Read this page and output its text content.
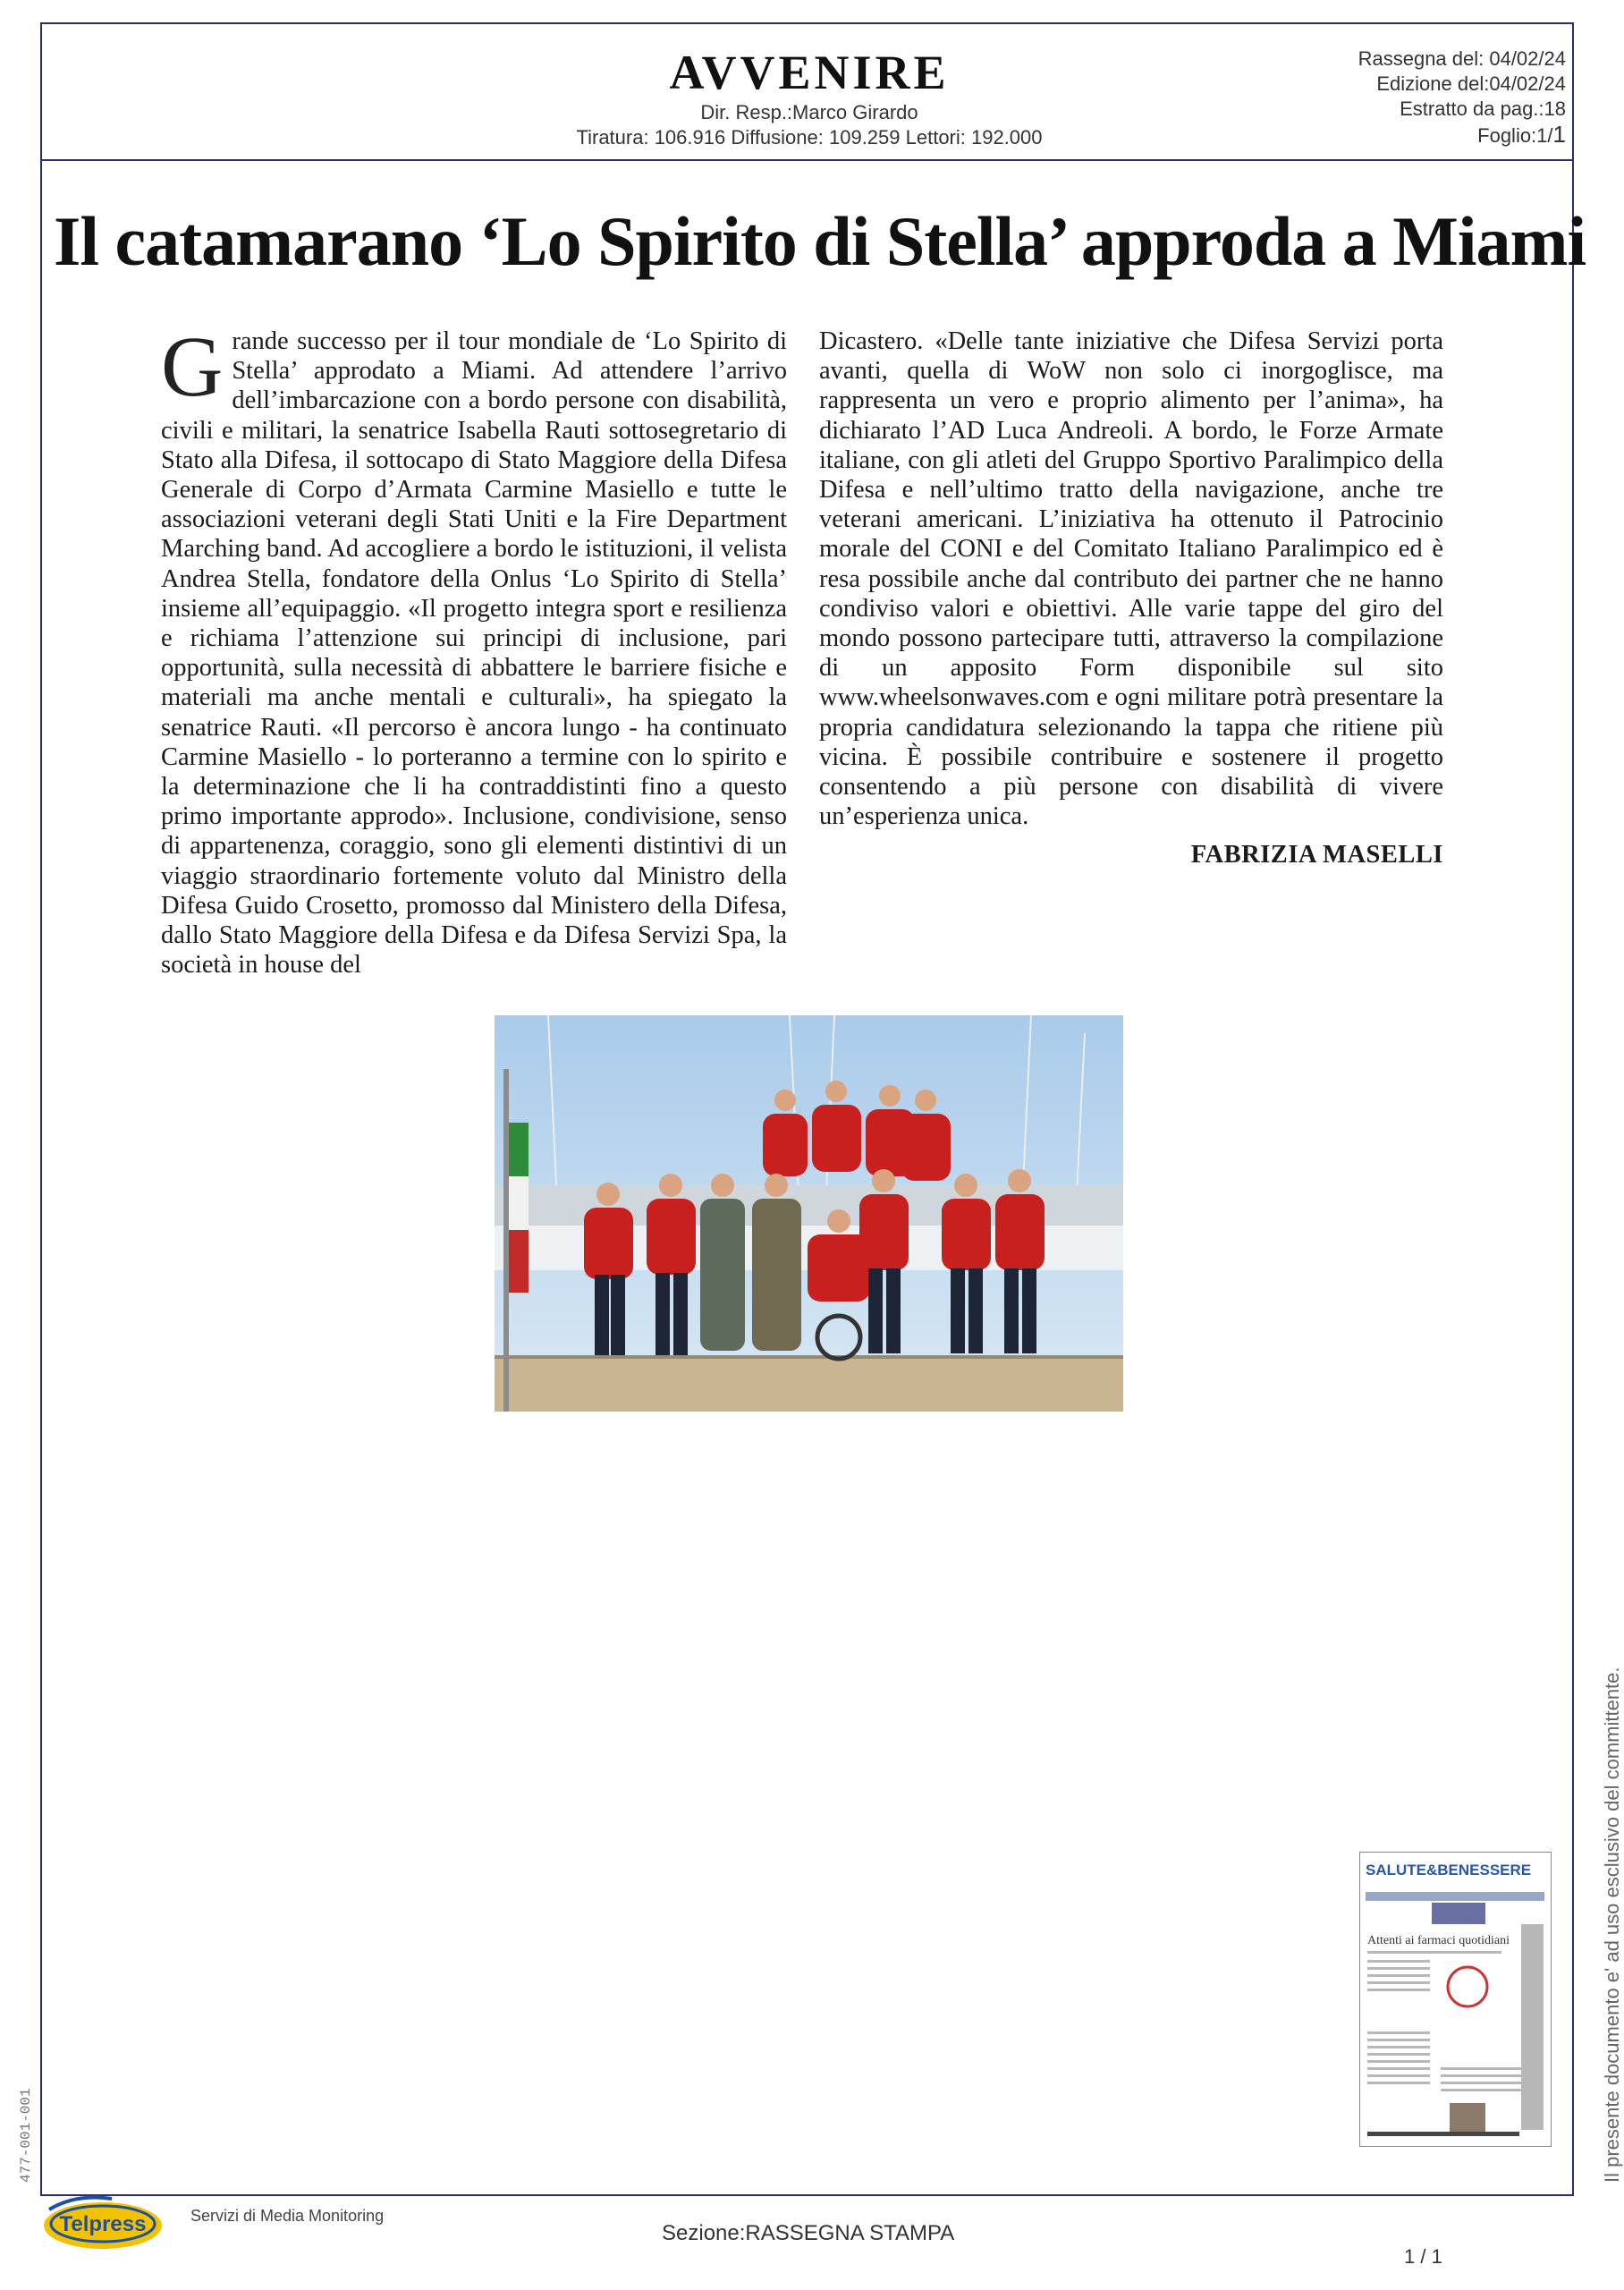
AVVENIRE
Dir. Resp.:Marco Girardo
Tiratura: 106.916 Diffusione: 109.259 Lettori: 192.000
Rassegna del: 04/02/24
Edizione del:04/02/24
Estratto da pag.:18
Foglio:1/1
Il catamarano ‘Lo Spirito di Stella’ approda a Miami
Grande successo per il tour mondiale de ‘Lo Spirito di Stella’ approdato a Miami. Ad attendere l’arrivo dell’imbarcazione con a bordo persone con disabilità, civili e militari, la senatrice Isabella Rauti sottosegretario di Stato alla Difesa, il sottocapo di Stato Maggiore della Difesa Generale di Corpo d’Armata Carmine Masiello e tutte le associazioni veterani degli Stati Uniti e la Fire Department Marching band. Ad accogliere a bordo le istituzioni, il velista Andrea Stella, fondatore della Onlus ‘Lo Spirito di Stella’ insieme all’equipaggio. «Il progetto integra sport e resilienza e richiama l’attenzione sui principi di inclusione, pari opportunità, sulla necessità di abbattere le barriere fisiche e materiali ma anche mentali e culturali», ha spiegato la senatrice Rauti. «Il percorso è ancora lungo - ha continuato Carmine Masiello - lo porteranno a termine con lo spirito e la determinazione che li ha contraddistinti fino a questo primo importante approdo». Inclusione, condivisione, senso di appartenenza, coraggio, sono gli elementi distintivi di un viaggio straordinario fortemente voluto dal Ministro della Difesa Guido Crosetto, promosso dal Ministero della Difesa, dallo Stato Maggiore della Difesa e da Difesa Servizi Spa, la società in house del
Dicastero. «Delle tante iniziative che Difesa Servizi porta avanti, quella di WoW non solo ci inorgoglisce, ma rappresenta un vero e proprio alimento per l’anima», ha dichiarato l’AD Luca Andreoli. A bordo, le Forze Armate italiane, con gli atleti del Gruppo Sportivo Paralimpico della Difesa e nell’ultimo tratto della navigazione, anche tre veterani americani. L’iniziativa ha ottenuto il Patrocinio morale del CONI e del Comitato Italiano Paralimpico ed è resa possibile anche dal contributo dei partner che ne hanno condiviso valori e obiettivi. Alle varie tappe del giro del mondo possono partecipare tutti, attraverso la compilazione di un apposito Form disponibile sul sito www.wheelsonwaves.com e ogni militare potrà presentare la propria candidatura selezionando la tappa che ritiene più vicina. È possibile contribuire e sostenere il progetto consentendo a più persone con disabilità di vivere un’esperienza unica.
FABRIZIA MASELLI
SALUTE&BENESSERE
Attenti ai farmaci quotidiani	Il presente documento e' ad uso esclusivo del committente.
477-001-001
Telpress	Servizi di Media Monitoring
Sezione:RASSEGNA STAMPA
1 / 1
